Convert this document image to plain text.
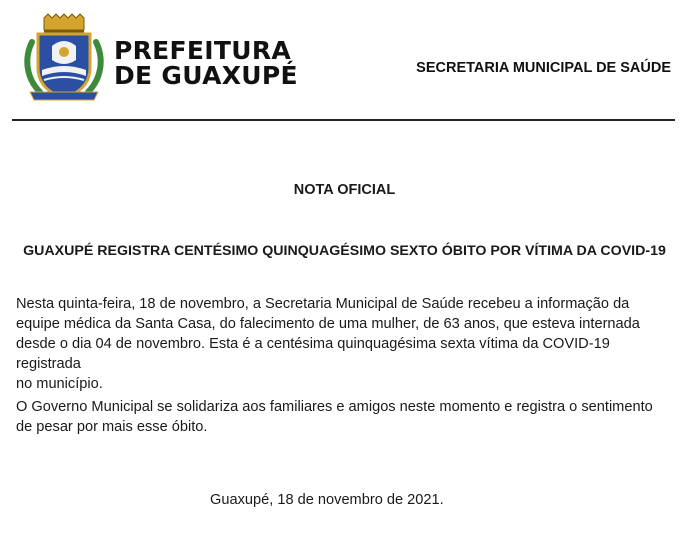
PREFEITURA
DE GUAXUPÉ	SECRETARIA MUNICIPAL DE SAÚDE
NOTA OFICIAL
GUAXUPÉ REGISTRA CENTÉSIMO QUINQUAGÉSIMO SEXTO ÓBITO POR VÍTIMA DA COVID-19
Nesta quinta-feira, 18 de novembro, a Secretaria Municipal de Saúde recebeu a informação da
equipe médica da Santa Casa, do falecimento de uma mulher, de 63 anos, que esteva internada
desde o dia 04 de novembro. Esta é a centésima quinquagésima sexta vítima da COVID-19 registrada
no município.
O Governo Municipal se solidariza aos familiares e amigos neste momento e registra o sentimento
de pesar por mais esse óbito.
Guaxupé, 18 de novembro de 2021.
